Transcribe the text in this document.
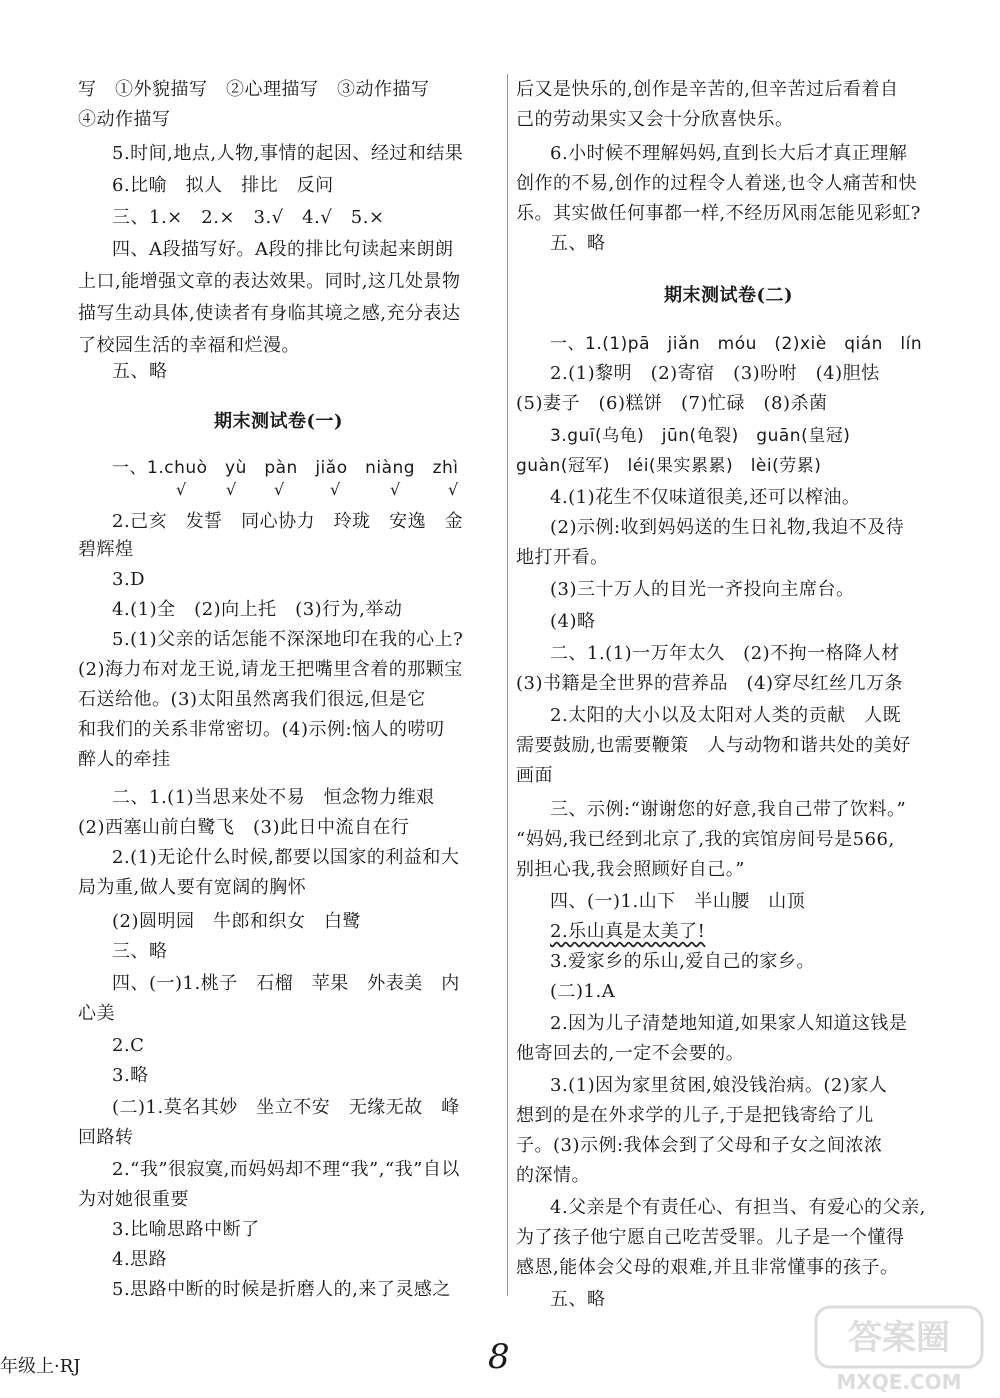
写　①外貌描写　②心理描写　③动作描写
④动作描写
5.时间,地点,人物,事情的起因、经过和结果
6.比喻　拟人　排比　反问
三、1.×　2.×　3.√　4.√　5.×
四、A段描写好。A段的排比句读起来朗朗
上口,能增强文章的表达效果。同时,这几处景物
描写生动具体,使读者有身临其境之感,充分表达
了校园生活的幸福和烂漫。
五、略
期末测试卷(一)
一、1.chuò　yù　pàn　jiǎo　niàng　zhì
2.己亥　发誓　同心协力　玲珑　安逸　金
碧辉煌
3.D
4.(1)全　(2)向上托　(3)行为,举动
5.(1)父亲的话怎能不深深地印在我的心上?
(2)海力布对龙王说,请龙王把嘴里含着的那颗宝
石送给他。(3)太阳虽然离我们很远,但是它
和我们的关系非常密切。(4)示例:恼人的唠叨
醉人的牵挂
二、1.(1)当思来处不易　恒念物力维艰
(2)西塞山前白鹭飞　(3)此日中流自在行
2.(1)无论什么时候,都要以国家的利益和大
局为重,做人要有宽阔的胸怀
(2)圆明园　牛郎和织女　白鹭
三、略
四、(一)1.桃子　石榴　苹果　外表美　内
心美
2.C
3.略
(二)1.莫名其妙　坐立不安　无缘无故　峰
回路转
2.“我”很寂寞,而妈妈却不理“我”,“我”自以
为对她很重要
3.比喻思路中断了
4.思路
5.思路中断的时候是折磨人的,来了灵感之
√ √ √	√	√	√
后又是快乐的,创作是辛苦的,但辛苦过后看着自
己的劳动果实又会十分欣喜快乐。
6.小时候不理解妈妈,直到长大后才真正理解
创作的不易,创作的过程令人着迷,也令人痛苦和快
乐。其实做任何事都一样,不经历风雨怎能见彩虹?
五、略
期末测试卷(二)
一、1.(1)pā　jiǎn　móu　(2)xiè　qián　lín
2.(1)黎明　(2)寄宿　(3)吩咐　(4)胆怯
(5)妻子　(6)糕饼　(7)忙碌　(8)杀菌
3.guī(乌龟)　jūn(龟裂)　guān(皇冠)
guàn(冠军)　léi(果实累累)　lèi(劳累)
4.(1)花生不仅味道很美,还可以榨油。
(2)示例:收到妈妈送的生日礼物,我迫不及待
地打开看。
(3)三十万人的目光一齐投向主席台。
(4)略
二、1.(1)一万年太久　(2)不拘一格降人材
(3)书籍是全世界的营养品　(4)穿尽红丝几万条
2.太阳的大小以及太阳对人类的贡献　人既
需要鼓励,也需要鞭策　人与动物和谐共处的美好
画面
三、示例:“谢谢您的好意,我自己带了饮料。”
“妈妈,我已经到北京了,我的宾馆房间号是566,
别担心我,我会照顾好自己。”
四、(一)1.山下　半山腰　山顶
2.乐山真是太美了!
3.爱家乡的乐山,爱自己的家乡。
(二)1.A
2.因为儿子清楚地知道,如果家人知道这钱是
他寄回去的,一定不会要的。
3.(1)因为家里贫困,娘没钱治病。(2)家人
想到的是在外求学的儿子,于是把钱寄给了儿
子。(3)示例:我体会到了父母和子女之间浓浓
的深情。
4.父亲是个有责任心、有担当、有爱心的父亲,
为了孩子他宁愿自己吃苦受罪。儿子是一个懂得
感恩,能体会父母的艰难,并且非常懂事的孩子。
五、略
年级上·RJ	8	答案圈
MXQE.COM
